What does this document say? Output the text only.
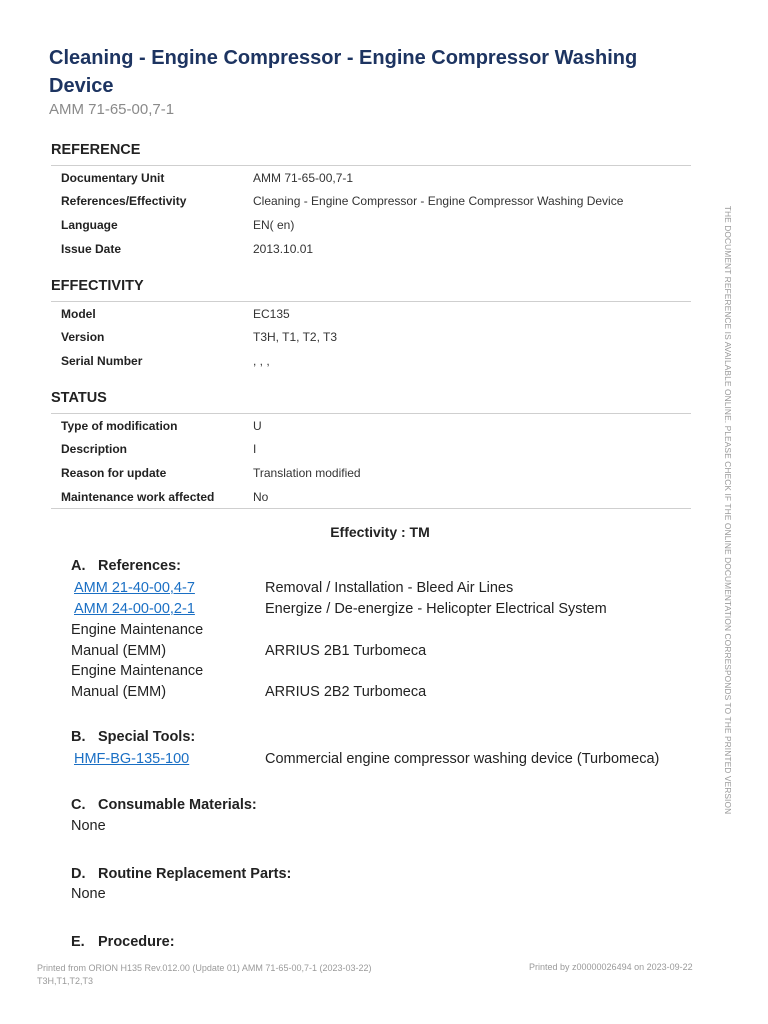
Cleaning - Engine Compressor - Engine Compressor Washing Device
AMM 71-65-00,7-1
REFERENCE
Documentary Unit	AMM 71-65-00,7-1
References/Effectivity	Cleaning - Engine Compressor - Engine Compressor Washing Device
Language	EN( en)
Issue Date	2013.10.01
EFFECTIVITY
Model	EC135
Version	T3H, T1, T2, T3
Serial Number	, , ,
STATUS
Type of modification	U
Description	I
Reason for update	Translation modified
Maintenance work affected	No
Effectivity : TM
A. References:
AMM 21-40-00,4-7	Removal / Installation - Bleed Air Lines
AMM 24-00-00,2-1	Energize / De-energize - Helicopter Electrical System
Engine Maintenance Manual (EMM)	ARRIUS 2B1 Turbomeca
Engine Maintenance Manual (EMM)	ARRIUS 2B2 Turbomeca
B. Special Tools:
HMF-BG-135-100	Commercial engine compressor washing device (Turbomeca)
C. Consumable Materials:
None
D. Routine Replacement Parts:
None
E. Procedure:
THE DOCUMENT REFERENCE IS AVAILABLE ONLINE. PLEASE CHECK IF THE ONLINE DOCUMENTATION CORRESPONDS TO THE PRINTED VERSION
Printed from ORION H135 Rev.012.00 (Update 01) AMM 71-65-00,7-1 (2023-03-22)
T3H,T1,T2,T3
Printed by z00000026494 on 2023-09-22
